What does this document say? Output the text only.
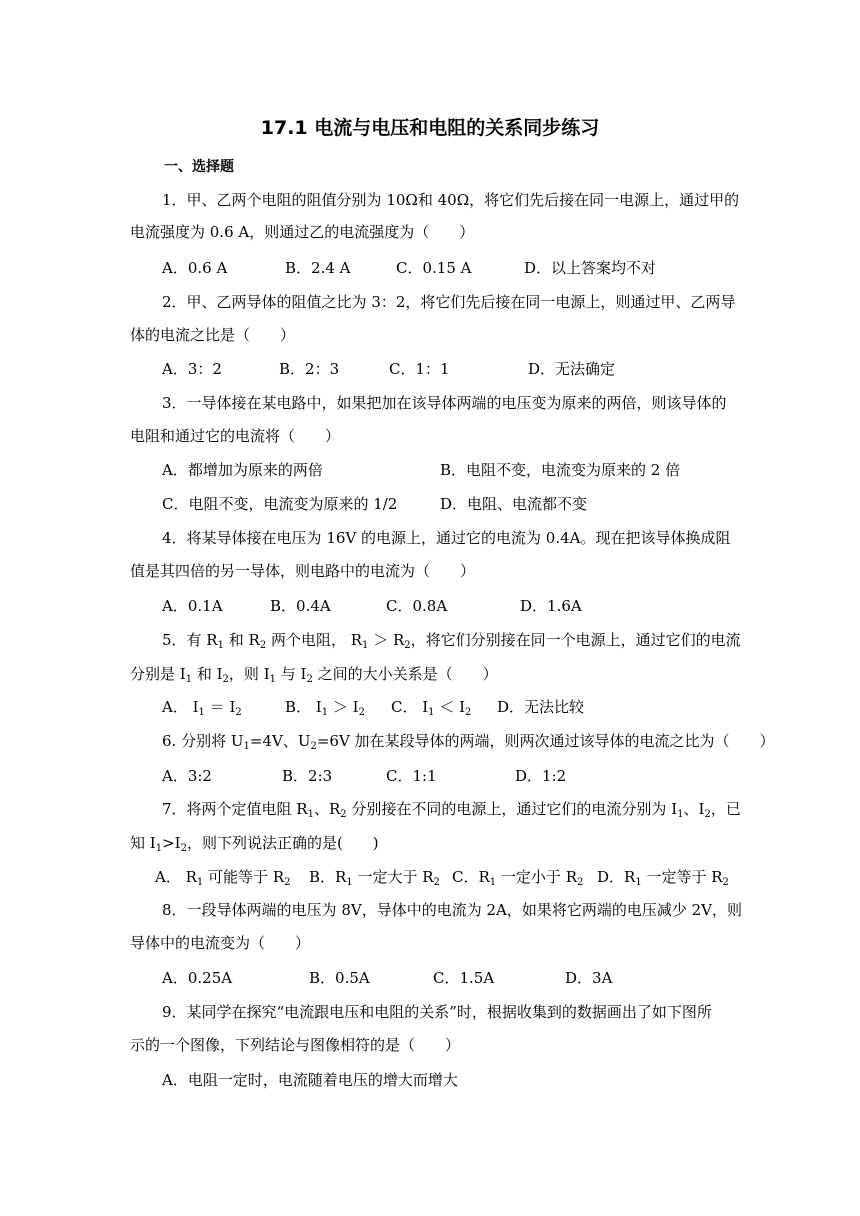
17.1 电流与电压和电阻的关系同步练习
一、选择题
1．甲、乙两个电阻的阻值分别为 10Ω和 40Ω，将它们先后接在同一电源上，通过甲的
电流强度为 0.6 A，则通过乙的电流强度为（　　）
A．0.6 A	B．2.4 A	C．0.15 A	D．以上答案均不对
2．甲、乙两导体的阻值之比为 3：2，将它们先后接在同一电源上，则通过甲、乙两导
体的电流之比是（　　）
A．3：2	B．2：3	C．1：1	D．无法确定
3．一导体接在某电路中，如果把加在该导体两端的电压变为原来的两倍，则该导体的
电阻和通过它的电流将（　　）
A．都增加为原来的两倍	B．电阻不变，电流变为原来的 2 倍
C．电阻不变，电流变为原来的 1/2	D．电阻、电流都不变
4．将某导体接在电压为 16V 的电源上，通过它的电流为 0.4A。现在把该导体换成阻
值是其四倍的另一导体，则电路中的电流为（　　）
A．0.1A	B．0.4A	C．0.8A	D．1.6A
5．有 $R_1$ 和 $R_2$ 两个电阻， $R_1 > R_2$，将它们分别接在同一个电源上，通过它们的电流
分别是 $I_1$ 和 $I_2$，则 $I_1$ 与 $I_2$ 之间的大小关系是（　　）
A． $I_1 = I_2$	B． $I_1 > I_2$ C． $I_1 < I_2$ D．无法比较
6. 分别将 $U_1=4V$、$U_2=6V$ 加在某段导体的两端，则两次通过该导体的电流之比为（　　）
A．3:2	B．2:3	C．1:1	D．1:2
7．将两个定值电阻 $R_1$、$R_2$ 分别接在不同的电源上，通过它们的电流分别为 $I_1$、$I_2$，已
知 $I_1>I_2$，则下列说法正确的是(　　)
A． $R_1$ 可能等于 $R_2$ B．$R_1$ 一定大于 $R_2$ C．$R_1$ 一定小于 $R_2$ D．$R_1$ 一定等于 $R_2$
8．一段导体两端的电压为 8V，导体中的电流为 2A，如果将它两端的电压减少 2V，则
导体中的电流变为（　　）
A．0.25A	B．0.5A	C．1.5A	D．3A
9．某同学在探究“电流跟电压和电阻的关系”时，根据收集到的数据画出了如下图所
示的一个图像，下列结论与图像相符的是（　　）
A．电阻一定时，电流随着电压的增大而增大
